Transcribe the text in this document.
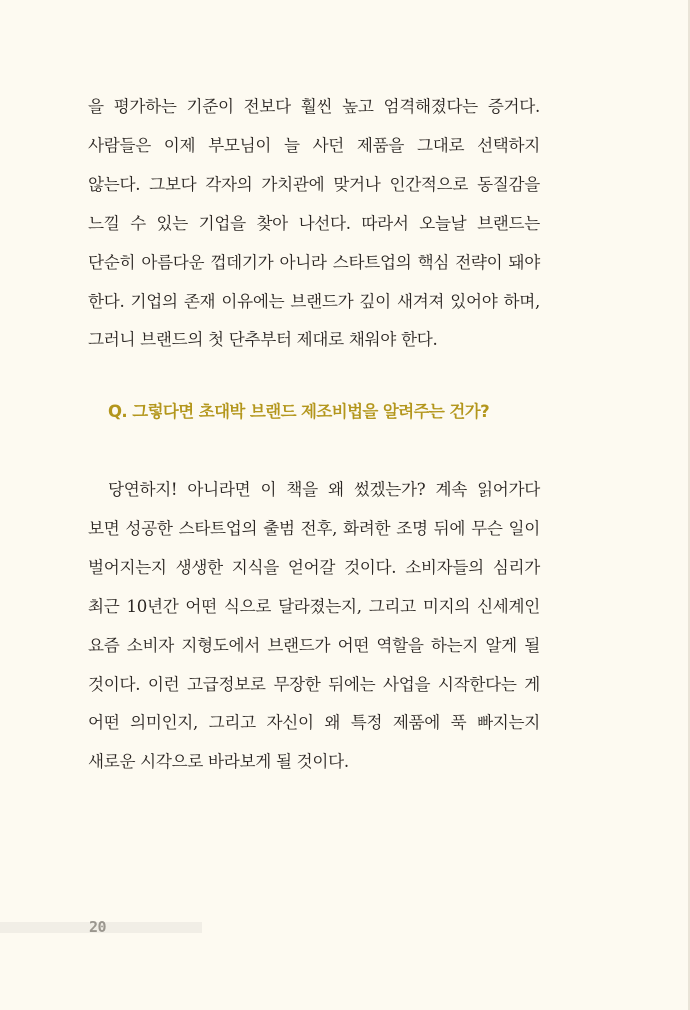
을 평가하는 기준이 전보다 훨씬 높고 엄격해졌다는 증거다. 사람들은 이제 부모님이 늘 사던 제품을 그대로 선택하지 않는다. 그보다 각자의 가치관에 맞거나 인간적으로 동질감을 느낄 수 있는 기업을 찾아 나선다. 따라서 오늘날 브랜드는 단순히 아름다운 껍데기가 아니라 스타트업의 핵심 전략이 돼야 한다. 기업의 존재 이유에는 브랜드가 깊이 새겨져 있어야 하며, 그러니 브랜드의 첫 단추부터 제대로 채워야 한다.

Q. 그렇다면 초대박 브랜드 제조비법을 알려주는 건가?

당연하지! 아니라면 이 책을 왜 썼겠는가? 계속 읽어가다 보면 성공한 스타트업의 출범 전후, 화려한 조명 뒤에 무슨 일이 벌어지는지 생생한 지식을 얻어갈 것이다. 소비자들의 심리가 최근 10년간 어떤 식으로 달라졌는지, 그리고 미지의 신세계인 요즘 소비자 지형도에서 브랜드가 어떤 역할을 하는지 알게 될 것이다. 이런 고급정보로 무장한 뒤에는 사업을 시작한다는 게 어떤 의미인지, 그리고 자신이 왜 특정 제품에 푹 빠지는지 새로운 시각으로 바라보게 될 것이다.

20
